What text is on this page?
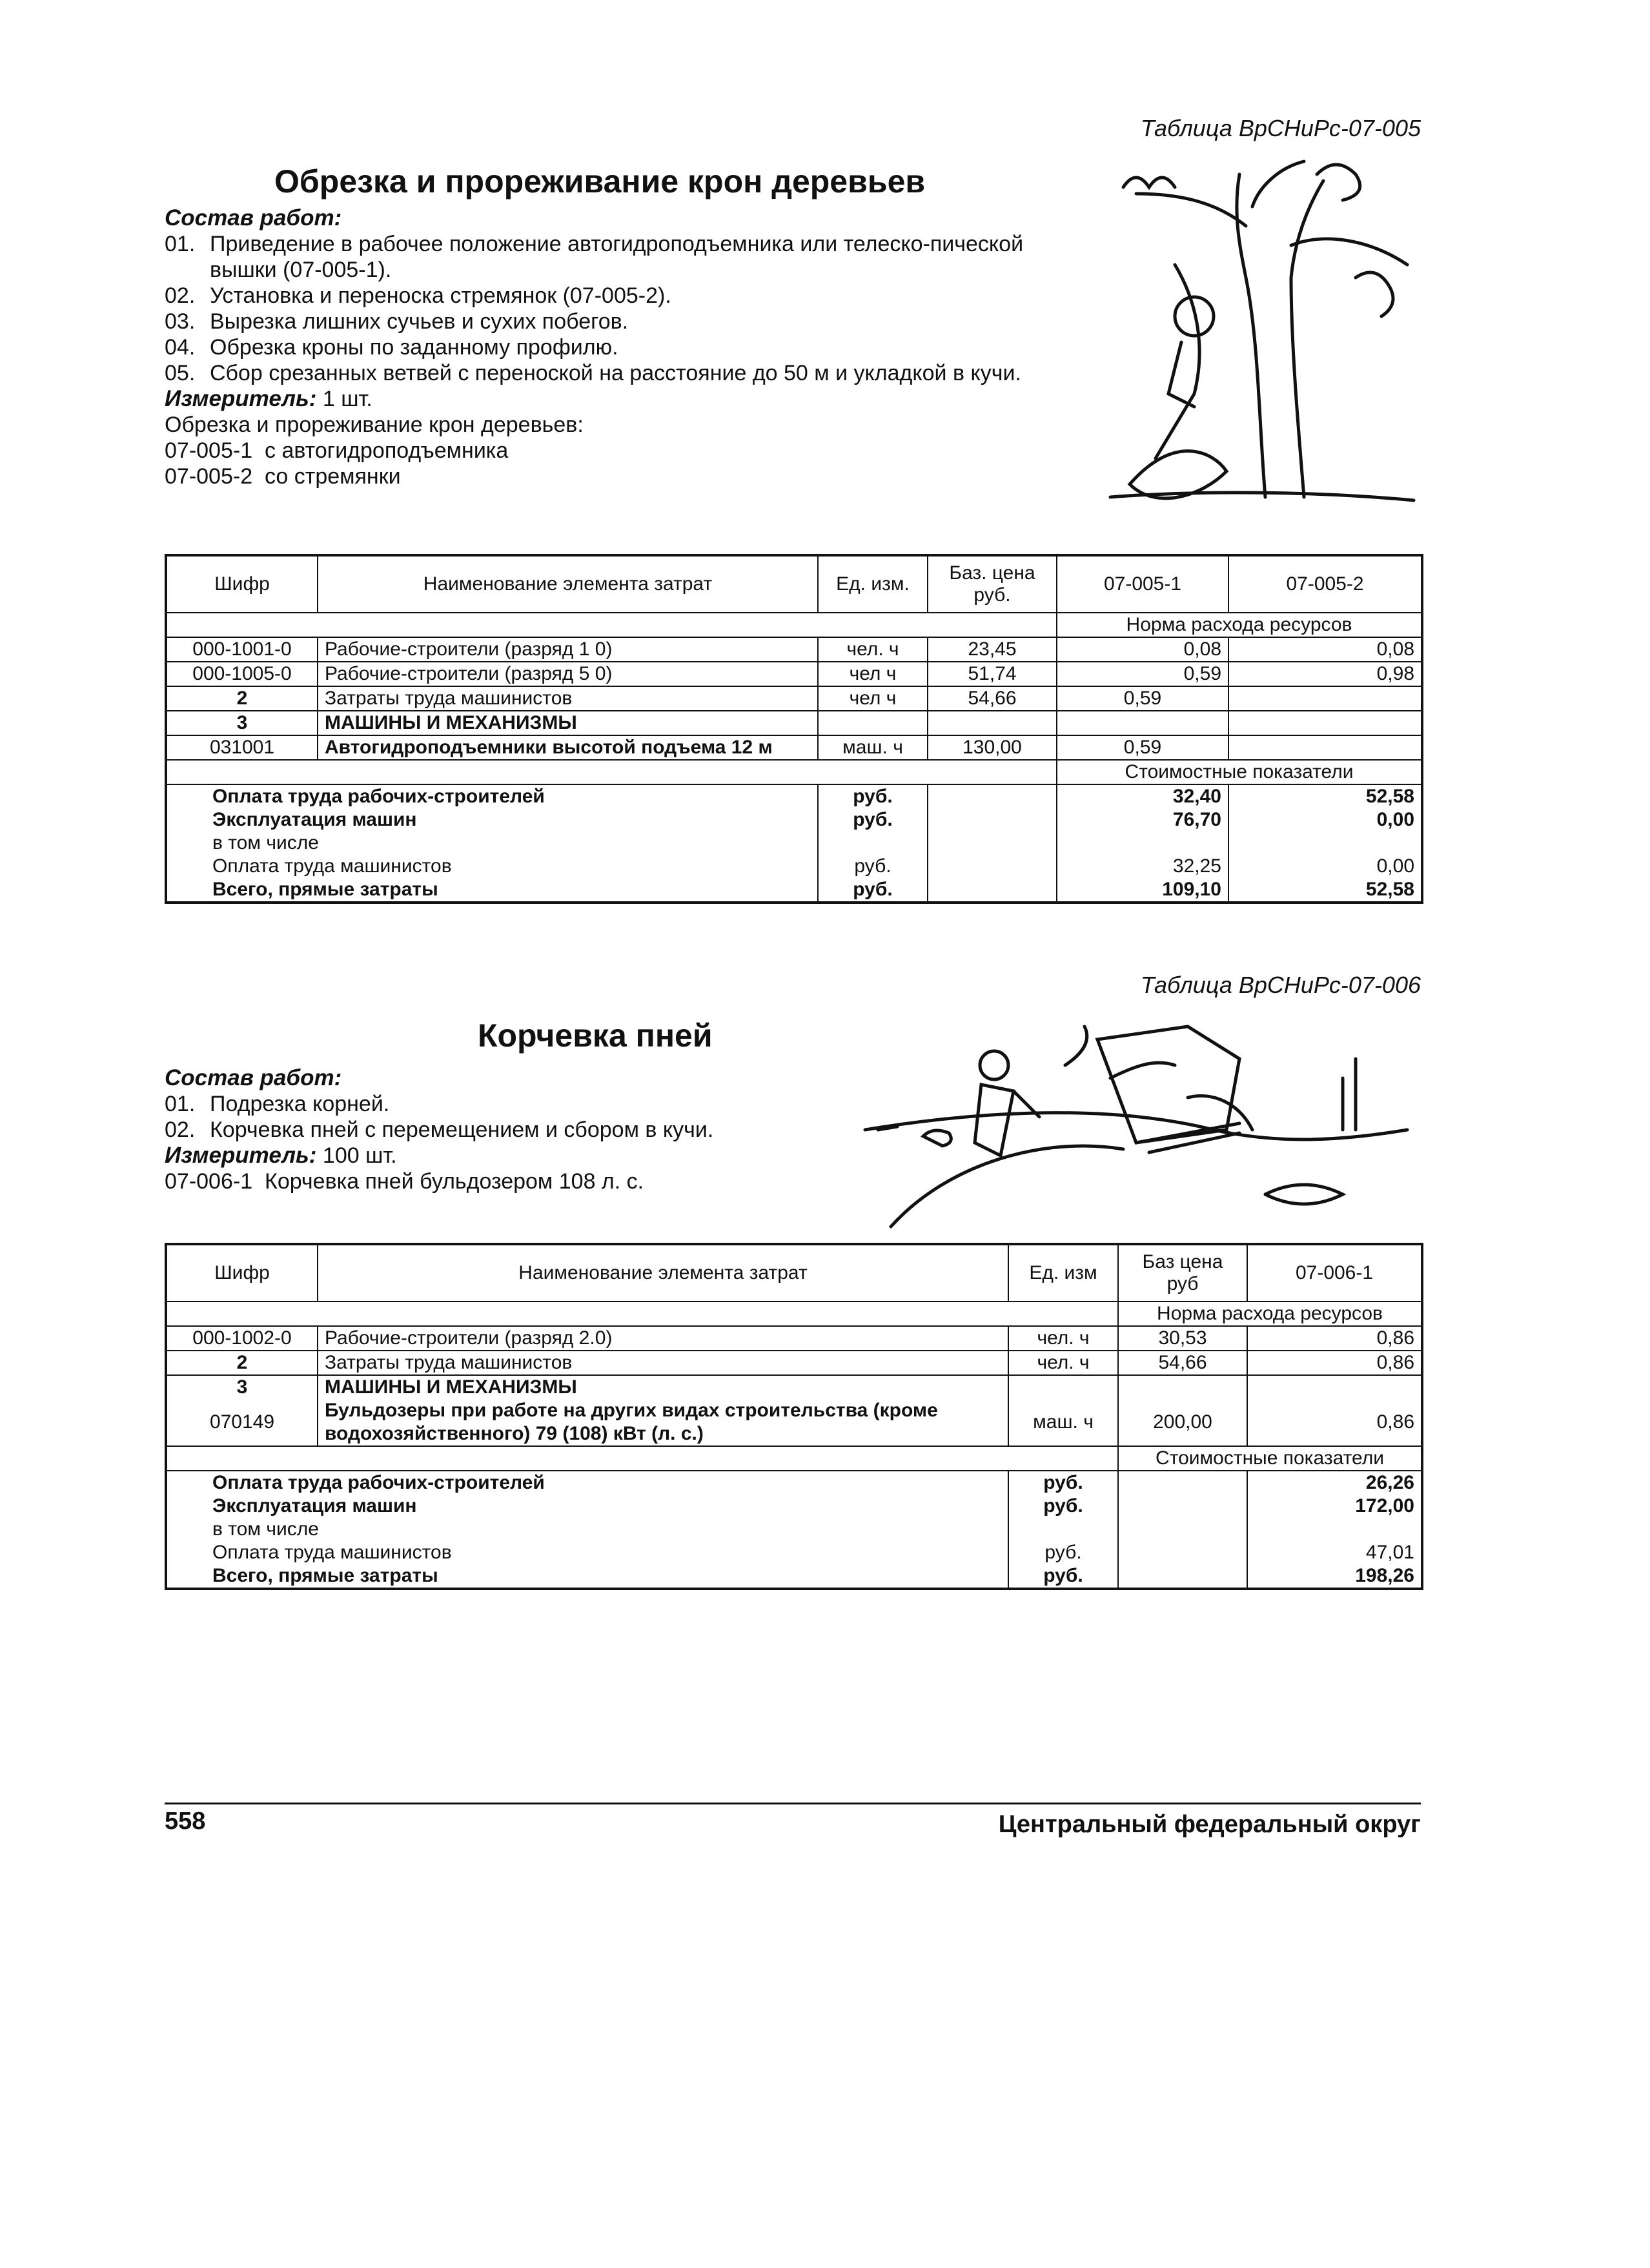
Таблица ВрСНиРс-07-005
Обрезка и прореживание крон деревьев
Состав работ:
01. Приведение в рабочее положение автогидроподъемника или телеско-пической вышки (07-005-1).
02. Установка и переноска стремянок (07-005-2).
03. Вырезка лишних сучьев и сухих побегов.
04. Обрезка кроны по заданному профилю.
05. Сбор срезанных ветвей с переноской на расстояние до 50 м и укладкой в кучи.
Измеритель: 1 шт.
Обрезка и прореживание крон деревьев:
07-005-1 с автогидроподъемника
07-005-2 со стремянки
Шифр	Наименование элемента затрат	Ед. изм.	Баз. цена руб.	07-005-1	07-005-2
				Норма расхода ресурсов	
000-1001-0	Рабочие-строители (разряд 1 0)	чел. ч	23,45	0,08	0,08
000-1005-0	Рабочие-строители (разряд 5 0)	чел ч	51,74	0,59	0,98
2	Затраты труда машинистов	чел ч	54,66	0,59	
3	МАШИНЫ И МЕХАНИЗМЫ				
031001	Автогидроподъемники высотой подъема 12 м	маш. ч	130,00	0,59	
				Стоимостные показатели	
Оплата труда рабочих-строителей		руб.		32,40	52,58
Эксплуатация машин		руб.		76,70	0,00
в том числе					
Оплата труда машинистов		руб.		32,25	0,00
Всего, прямые затраты		руб.		109,10	52,58
Таблица ВрСНиРс-07-006
Корчевка пней
Состав работ:
01. Подрезка корней.
02. Корчевка пней с перемещением и сбором в кучи.
Измеритель: 100 шт.
07-006-1 Корчевка пней бульдозером 108 л. с.
Шифр	Наименование элемента затрат	Ед. изм	Баз цена руб	07-006-1
			Норма расхода ресурсов	
000-1002-0	Рабочие-строители (разряд 2.0)	чел. ч	30,53	0,86
2	Затраты труда машинистов	чел. ч	54,66	0,86
3	МАШИНЫ И МЕХАНИЗМЫ			
070149	Бульдозеры при работе на других видах строительства (кроме водохозяйственного) 79 (108) кВт (л. с.)	маш. ч	200,00	0,86
			Стоимостные показатели	
Оплата труда рабочих-строителей		руб.		26,26
Эксплуатация машин		руб.		172,00
в том числе				
Оплата труда машинистов		руб.		47,01
Всего, прямые затраты		руб.		198,26
558	Центральный федеральный округ
